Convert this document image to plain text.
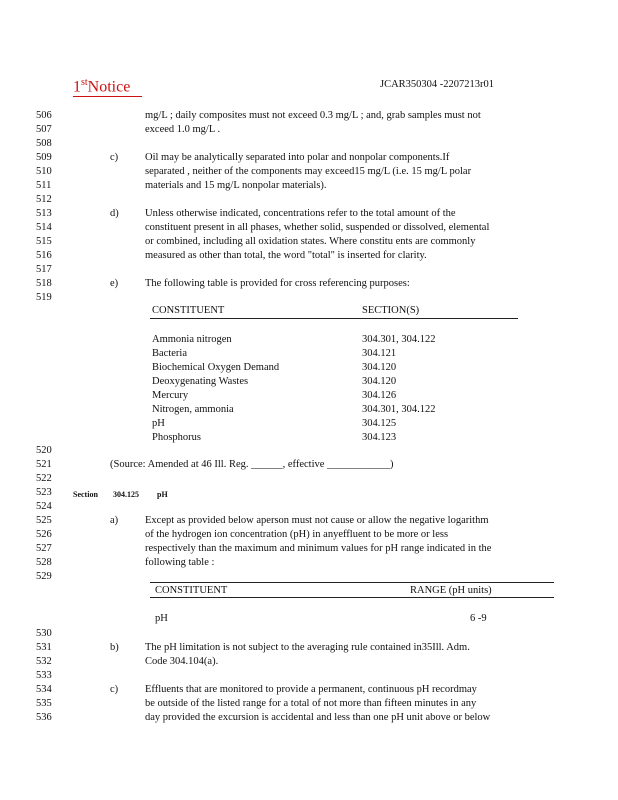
1stNotice	JCAR350304 -2207213r01
506
507
508
509
510
511
512
513
514
515
516
517
518
519
520
521
522
523
524
525
526
527
528
529
530
531
532
533
534
535
536
mg/L ; daily composites must not exceed 0.3 mg/L ; and, grab samples must not
exceed 1.0 mg/L .
c)	Oil may be analytically separated into polar and nonpolar components.If
separated , neither of the components may exceed15 mg/L (i.e. 15 mg/L polar
materials and 15 mg/L nonpolar materials).
d)	Unless otherwise indicated, concentrations refer to the total amount of the
constituent present in all phases, whether solid, suspended or dissolved, elemental
or combined, including all oxidation states. Where constitu ents are commonly
measured as other than total, the word "total" is inserted for clarity.
e)	The following table is provided for cross referencing purposes:
CONSTITUENT	SECTION(S)
Ammonia nitrogen	304.301, 304.122
Bacteria	304.121
Biochemical Oxygen Demand	304.120
Deoxygenating Wastes	304.120
Mercury	304.126
Nitrogen, ammonia	304.301, 304.122
pH	304.125
Phosphorus	304.123
(Source: Amended at 46 Ill. Reg. ______, effective ____________)
Section 304.125 pH
a)	Except as provided below aperson must not cause or allow the negative logarithm
of the hydrogen ion concentration (pH) in anyeffluent to be more or less
respectively than the maximum and minimum values for pH range indicated in the
following table :
CONSTITUENT	RANGE (pH units)
pH	6 -9
b)	The pH limitation is not subject to the averaging rule contained in35Ill. Adm.
Code 304.104(a).
c)	Effluents that are monitored to provide a permanent, continuous pH recordmay
be outside of the listed range for a total of not more than fifteen minutes in any
day provided the excursion is accidental and less than one pH unit above or below
